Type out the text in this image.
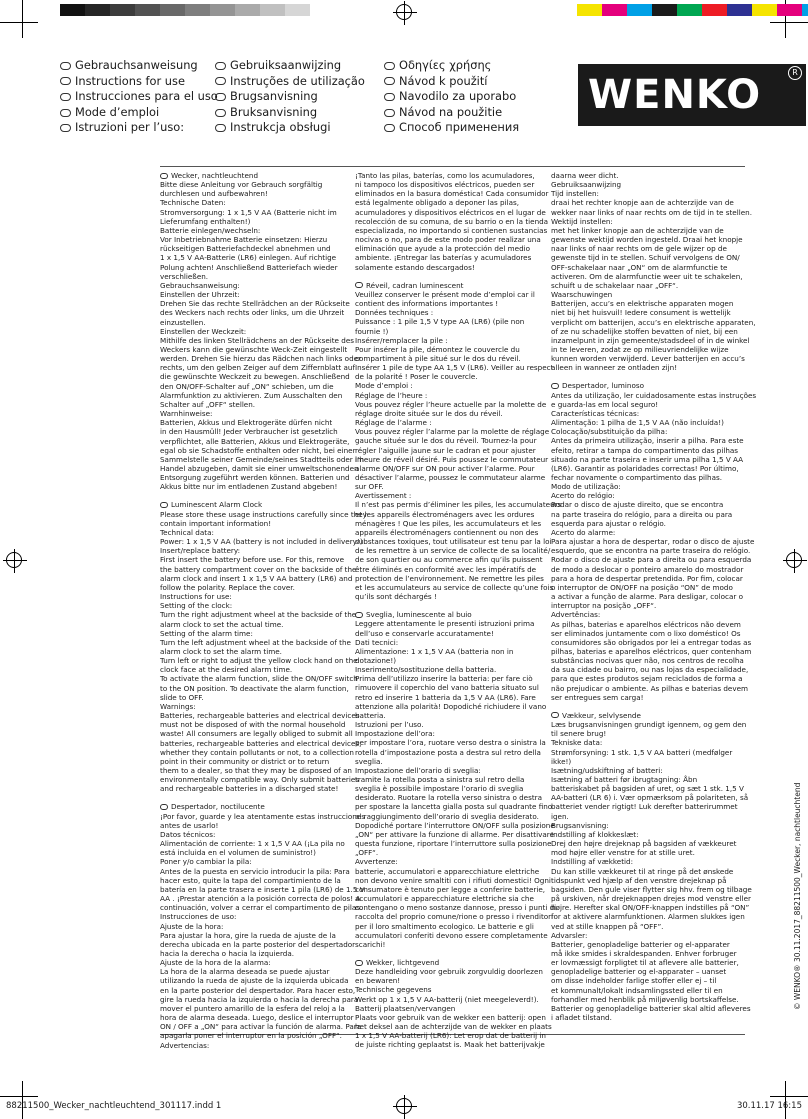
Gebrauchsanweisung
Instructions for use
Instrucciones para el uso
Mode d’emploi
Istruzioni per l’uso:
Gebruiksaanwijzing
Instruções de utilização
Brugsanvisning
Bruksanvisning
Instrukcja obsługi
Οδηγίες χρήσης
Návod k použití
Navodilo za uporabo
Návod na použitie
Способ применения
WENKO	R
Wecker, nachtleuchtend
Bitte diese Anleitung vor Gebrauch sorgfältig
durchlesen und aufbewahren!
Technische Daten:
Stromversorgung: 1 x 1,5 V AA (Batterie nicht im
Lieferumfang enthalten!)
Batterie einlegen/wechseln:
Vor Inbetriebnahme Batterie einsetzen: Hierzu
rückseitigen Batteriefachdeckel abnehmen und
1 x 1,5 V AA-Batterie (LR6) einlegen. Auf richtige
Polung achten! Anschließend Batteriefach wieder
verschließen.
Gebrauchsanweisung:
Einstellen der Uhrzeit:
Drehen Sie das rechte Stellrädchen an der Rückseite
des Weckers nach rechts oder links, um die Uhrzeit
einzustellen.
Einstellen der Weckzeit:
Mithilfe des linken Stellrädchens an der Rückseite des
Weckers kann die gewünschte Weck-Zeit eingestellt
werden. Drehen Sie hierzu das Rädchen nach links oder
rechts, um den gelben Zeiger auf dem Ziffernblatt auf
die gewünschte Weckzeit zu bewegen. Anschließend
den ON/OFF-Schalter auf „ON“ schieben, um die
Alarmfunktion zu aktivieren. Zum Ausschalten den
Schalter auf „OFF“ stellen.
Warnhinweise:
Batterien, Akkus und Elektrogeräte dürfen nicht
in den Hausmüll! Jeder Verbraucher ist gesetzlich
verpflichtet, alle Batterien, Akkus und Elektrogeräte,
egal ob sie Schadstoffe enthalten oder nicht, bei einer
Sammelstelle seiner Gemeinde/seines Stadtteils oder im
Handel abzugeben, damit sie einer umweltschonenden
Entsorgung zugeführt werden können. Batterien und
Akkus bitte nur im entladenen Zustand abgeben!
Luminescent Alarm Clock
Please store these usage instructions carefully since they
contain important information!
Technical data:
Power: 1 x 1,5 V AA (battery is not included in delivery!)
Insert/replace battery:
First insert the battery before use. For this, remove
the battery compartment cover on the backside of the
alarm clock and insert 1 x 1,5 V AA battery (LR6) and
follow the polarity. Replace the cover.
Instructions for use:
Setting of the clock:
Turn the right adjustment wheel at the backside of the
alarm clock to set the actual time.
Setting of the alarm time:
Turn the left adjustment wheel at the backside of the
alarm clock to set the alarm time.
Turn left or right to adjust the yellow clock hand on the
clock face at the desired alarm time.
To activate the alarm function, slide the ON/OFF switch
to the ON position. To deactivate the alarm function,
slide to OFF.
Warnings:
Batteries, rechargeable batteries and electrical devices
must not be disposed of with the normal household
waste! All consumers are legally obliged to submit all
batteries, rechargeable batteries and electrical devices,
whether they contain pollutants or not, to a collection
point in their community or district or to return
them to a dealer, so that they may be disposed of an
environmentally compatible way. Only submit batteries
and rechargeable batteries in a discharged state!
Despertador, noctilucente
¡Por favor, guarde y lea atentamente estas instrucciones
antes de usarlo!
Datos técnicos:
Alimentación de corriente: 1 x 1,5 V AA (¡La pila no
está incluida en el volumen de suministro!)
Poner y/o cambiar la pila:
Antes de la puesta en servicio introducir la pila: Para
hacer esto, quite la tapa del compartimiento de la
batería en la parte trasera e inserte 1 pila (LR6) de 1.5 V
AA . ¡Prestar atención a la posición correcta de polos! A
continuación, volver a cerrar el compartimento de pilas.
Instrucciones de uso:
Ajuste de la hora:
Para ajustar la hora, gire la rueda de ajuste de la
derecha ubicada en la parte posterior del despertador
hacia la derecha o hacia la izquierda.
Ajuste de la hora de la alarma:
La hora de la alarma deseada se puede ajustar
utilizando la rueda de ajuste de la izquierda ubicada
en la parte posterior del despertador. Para hacer esto,
gire la rueda hacia la izquierda o hacia la derecha para
mover el puntero amarillo de la esfera del reloj a la
hora de alarma deseada. Luego, deslice el interruptor
ON / OFF a „ON“ para activar la función de alarma. Para
apagarla poner el interruptor en la posición „OFF“.
Advertencias:
¡Tanto las pilas, baterías, como los acumuladores,
ni tampoco los dispositivos eléctricos, pueden ser
eliminados en la basura doméstica! Cada consumidor
está legalmente obligado a deponer las pilas,
acumuladores y dispositivos eléctricos en el lugar de
recolección de su comuna, de su barrio o en la tienda
especializada, no importando si contienen sustancias
nocivas o no, para de este modo poder realizar una
eliminación que ayude a la protección del medio
ambiente. ¡Entregar las baterías y acumuladores
solamente estando descargados!
Réveil, cadran luminescent
Veuillez conserver le présent mode d’emploi car il
contient des informations importantes !
Données techniques :
Puissance : 1 pile 1,5 V type AA (LR6) (pile non
fournie !)
Insérer/remplacer la pile :
Pour insérer la pile, démontez le couvercle du
compartiment à pile situé sur le dos du réveil.
Insérer 1 pile de type AA 1,5 V (LR6). Veiller au respect
de la polarité ! Poser le couvercle.
Mode d’emploi :
Réglage de l’heure :
Vous pouvez régler l’heure actuelle par la molette de
réglage droite située sur le dos du réveil.
Réglage de l’alarme :
Vous pouvez régler l’alarme par la molette de réglage
gauche située sur le dos du réveil. Tournez-la pour
régler l’aiguille jaune sur le cadran et pour ajuster
l’heure de réveil désiré. Puis poussez le commutateur
alarme ON/OFF sur ON pour activer l’alarme. Pour
désactiver l’alarme, poussez le commutateur alarme
sur OFF.
Avertissement :
Il n’est pas permis d’éliminer les piles, les accumulateurs
et les appareils électroménagers avec les ordures
ménagères ! Que les piles, les accumulateurs et les
appareils électroménagers contiennent ou non des
substances toxiques, tout utilisateur est tenu par la loi
de les remettre à un service de collecte de sa localité/
de son quartier ou au commerce afin qu’ils puissent
être éliminés en conformité avec les impératifs de
protection de l’environnement. Ne remettre les piles
et les accumulateurs au service de collecte qu’une fois
qu’ils sont déchargés !
Sveglia, luminescente al buio
Leggere attentamente le presenti istruzioni prima
dell’uso e conservarle accuratamente!
Dati tecnici:
Alimentazione: 1 x 1,5 V AA (batteria non in
dotazione!)
Inserimento/sostituzione della batteria.
Prima dell’utilizzo inserire la batteria: per fare ciò
rimuovere il coperchio del vano batteria situato sul
retro ed inserire 1 batteria da 1,5 V AA (LR6). Fare
attenzione alla polarità! Dopodiché richiudere il vano
batteria.
Istruzioni per l’uso.
Impostazione dell’ora:
per impostare l’ora, ruotare verso destra o sinistra la
rotella d’impostazione posta a destra sul retro della
sveglia.
Impostazione dell’orario di sveglia:
tramite la rotella posta a sinistra sul retro della
sveglia è possibile impostare l’orario di sveglia
desiderato. Ruotare la rotella verso sinistra o destra
per spostare la lancetta gialla posta sul quadrante fino
al raggiungimento dell’orario di sveglia desiderato.
Dopodiché portare l’interruttore ON/OFF sulla posizione
„ON“ per attivare la funzione di allarme. Per disattivare
questa funzione, riportare l’interruttore sulla posizione
„OFF“.
Avvertenze:
batterie, accumulatori e apparecchiature elettriche
non devono venire smaltiti con i rifiuti domestici! Ogni
consumatore è tenuto per legge a conferire batterie,
accumulatori e apparecchiature elettriche sia che
contengano o meno sostanze dannose, presso i punti di
raccolta del proprio comune/rione o presso i rivenditori
per il loro smaltimento ecologico. Le batterie e gli
accumulatori conferiti devono essere completamente
scarichi!
Wekker, lichtgevend
Deze handleiding voor gebruik zorgvuldig doorlezen
en bewaren!
Technische gegevens
Werkt op 1 x 1,5 V AA-batterij (niet meegeleverd!).
Batterij plaatsen/vervangen
Plaats voor gebruik van de wekker een batterij: open
het deksel aan de achterzijde van de wekker en plaats
1 x 1,5 V AA-batterij (LR6): Let erop dat de batterij in
de juiste richting geplaatst is. Maak het batterijvakje
daarna weer dicht.
Gebruiksaanwijzing
Tijd instellen:
draai het rechter knopje aan de achterzijde van de
wekker naar links of naar rechts om de tijd in te stellen.
Wektijd instellen:
met het linker knopje aan de achterzijde van de
gewenste wektijd worden ingesteld. Draai het knopje
naar links of naar rechts om de gele wijzer op de
gewenste tijd in te stellen. Schuif vervolgens de ON/
OFF-schakelaar naar „ON“ om de alarmfunctie te
activeren. Om de alarmfunctie weer uit te schakelen,
schuift u de schakelaar naar „OFF“.
Waarschuwingen
Batterijen, accu’s en elektrische apparaten mogen
niet bij het huisvuil! Iedere consument is wettelijk
verplicht om batterijen, accu’s en elektrische apparaten,
of ze nu schadelijke stoffen bevatten of niet, bij een
inzamelpunt in zijn gemeente/stadsdeel of in de winkel
in te leveren, zodat ze op milieuvriendelijke wijze
kunnen worden verwijderd. Lever batterijen en accu’s
alleen in wanneer ze ontladen zijn!
Despertador, luminoso
Antes da utilização, ler cuidadosamente estas instruções
e guarda-las em local seguro!
Características técnicas:
Alimentação: 1 pilha de 1,5 V AA (não incluída!)
Colocação/substituição da pilha:
Antes da primeira utilização, inserir a pilha. Para este
efeito, retirar a tampa do compartimento das pilhas
situado na parte traseira e inserir uma pilha 1,5 V AA
(LR6). Garantir as polaridades correctas! Por último,
fechar novamente o compartimento das pilhas.
Modo de utilização:
Acerto do relógio:
Rodar o disco de ajuste direito, que se encontra
na parte traseira do relógio, para a direita ou para
esquerda para ajustar o relógio.
Acerto do alarme:
Para ajustar a hora de despertar, rodar o disco de ajuste
esquerdo, que se encontra na parte traseira do relógio.
Rodar o disco de ajuste para a direita ou para esquerda
de modo a deslocar o ponteiro amarelo do mostrador
para a hora de despertar pretendida. Por fim, colocar
o interruptor de ON/OFF na posição “ON” de modo
a activar a função de alarme. Para desligar, colocar o
interruptor na posição „OFF“.
Advertências:
As pilhas, baterias e aparelhos eléctricos não devem
ser eliminados juntamente com o lixo doméstico! Os
consumidores são obrigados por lei a entregar todas as
pilhas, baterias e aparelhos eléctricos, quer contenham
substâncias nocivas quer não, nos centros de recolha
da sua cidade ou bairro, ou nas lojas da especialidade,
para que estes produtos sejam reciclados de forma a
não prejudicar o ambiente. As pilhas e baterias devem
ser entregues sem carga!
Vækkeur, selvlysende
Læs brugsanvisningen grundigt igennem, og gem den
til senere brug!
Tekniske data:
Strømforsyning: 1 stk. 1,5 V AA batteri (medfølger
ikke!)
Isætning/udskiftning af batteri:
Isætning af batteri før ibrugtagning: Åbn
batteriskabet på bagsiden af uret, og sæt 1 stk. 1,5 V
AA-batteri (LR 6) i. Vær opmærksom på polariteten, så
batteriet vender rigtigt! Luk derefter batterirummet
igen.
Brugsanvisning:
Indstilling af klokkeslæt:
Drej den højre drejeknap på bagsiden af vækkeuret
mod højre eller venstre for at stille uret.
Indstilling af vækketid:
Du kan stille vækkeuret til at ringe på det ønskede
tidspunkt ved hjælp af den venstre drejeknap på
bagsiden. Den gule viser flytter sig hhv. frem og tilbage
på urskiven, når drejeknappen drejes mod venstre eller
højre. Herefter skal ON/OFF-knappen indstilles på “ON”
for at aktivere alarmfunktionen. Alarmen slukkes igen
ved at stille knappen på “OFF”.
Advarsler:
Batterier, genopladelige batterier og el-apparater
må ikke smides i skraldespanden. Enhver forbruger
er lovmæssigt forpligtet til at aflevere alle batterier,
genopladelige batterier og el-apparater – uanset
om disse indeholder farlige stoffer eller ej – til
et kommunalt/lokalt indsamlingssted eller til en
forhandler med henblik på miljøvenlig bortskaffelse.
Batterier og genopladelige batterier skal altid afleveres
i afladet tilstand.
© WENKO® 30.11.2017_88211500_Wecker, nachtleuchtend
88211500_Wecker_nachtleuchtend_301117.indd 1	30.11.17 16:15
